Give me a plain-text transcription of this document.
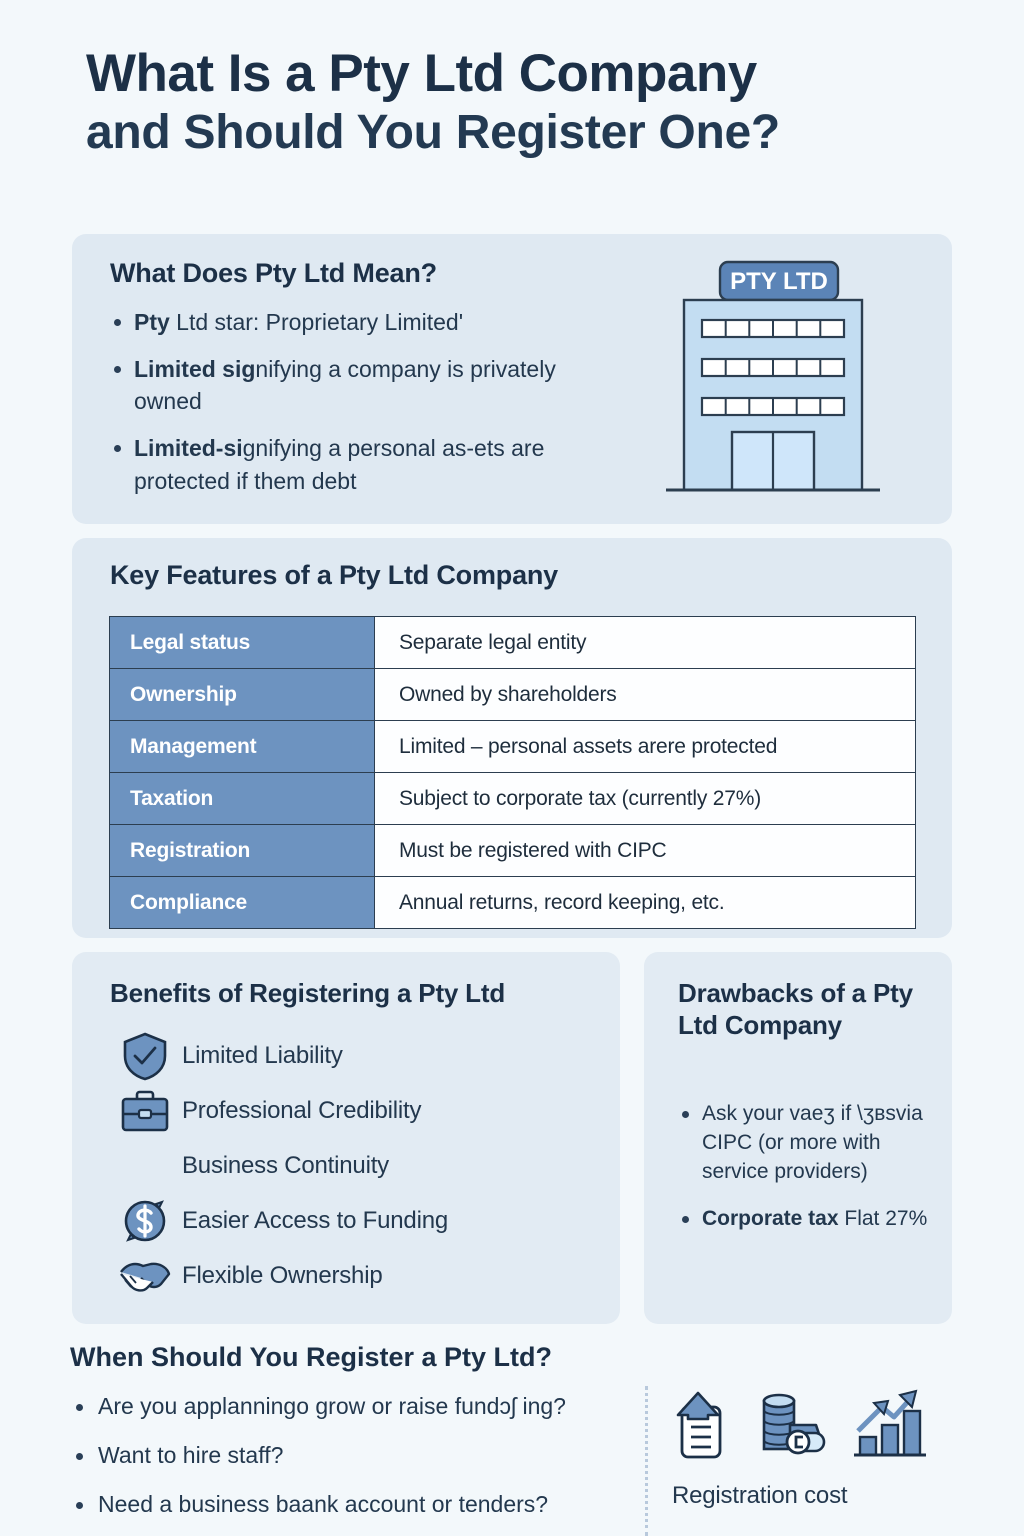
What Is a Pty Ltd Company
and Should You Register One?
What Does Pty Ltd Mean?
Pty Ltd star: Proprietary Limited'
Limited signifying a company is privately owned
Limited-signifying a personal as-ets are protected if them debt
PTY LTD
Key Features of a Pty Ltd Company
Legal status	Separate legal entity
Ownership	Owned by shareholders
Management	Limited – personal assets arere protected
Taxation	Subject to corporate tax (currently 27%)
Registration	Must be registered with CIPC
Compliance	Annual returns, record keeping, etc.
Benefits of Registering a Pty Ltd
Limited Liability
Professional Credibility
Business Continuity
Easier Access to Funding
Flexible Ownership
Drawbacks of a Pty Ltd Company
Ask your vaeʒ if \ʒʙsvia CIPC (or more with service providers)
Corporate tax Flat 27%
When Should You Register a Pty Ltd?
Are you applanningo grow or raise fundɔʃ ing?
Want to hire staff?
Need a business baank account or tenders?	Registration cost
